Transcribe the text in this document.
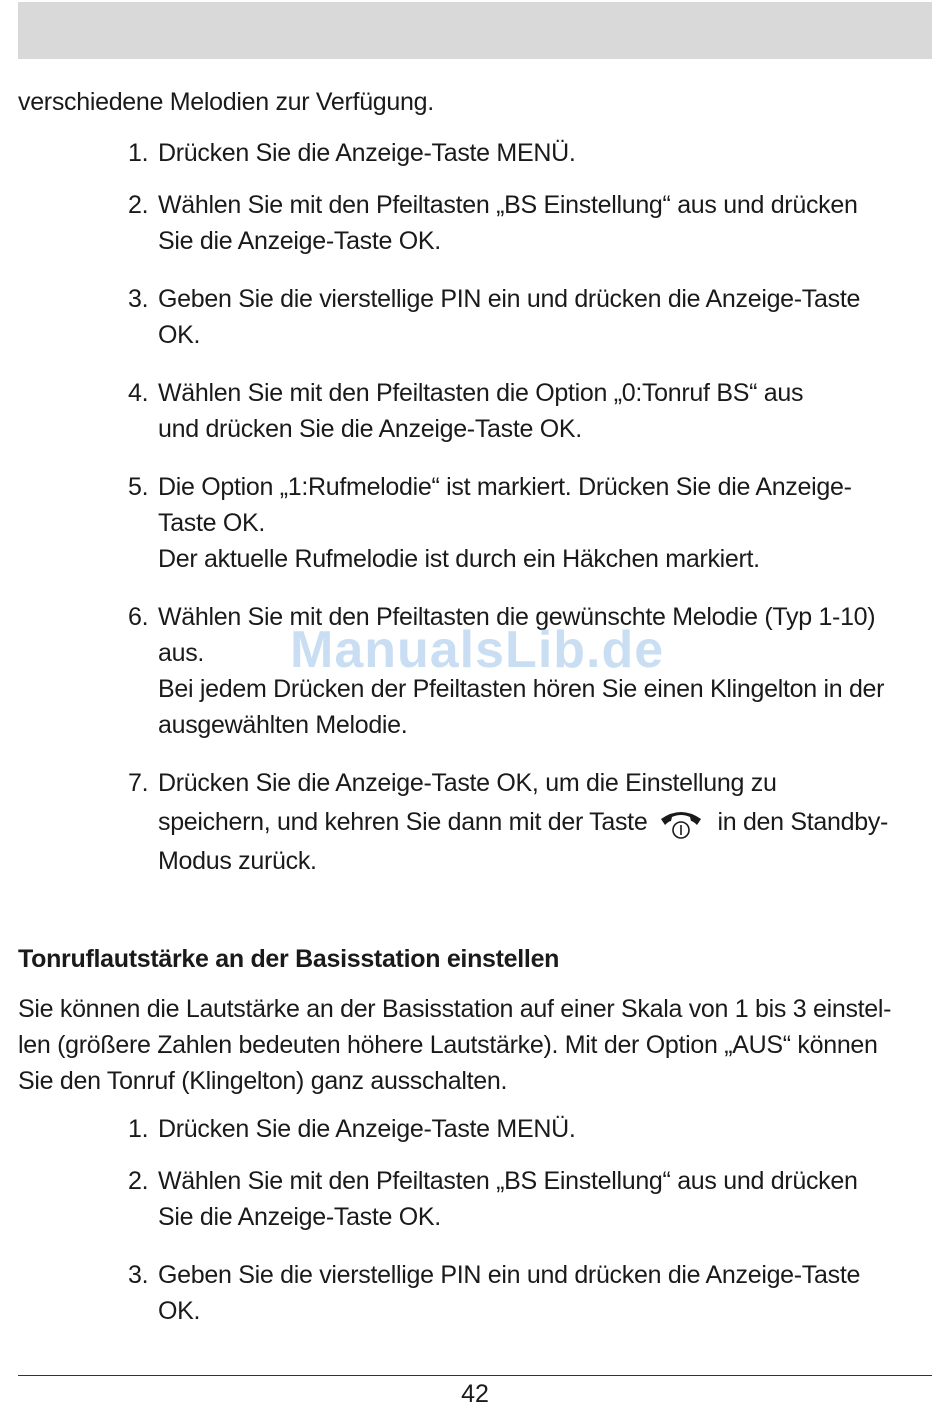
verschiedene Melodien zur Verfügung.
1. Drücken Sie die Anzeige-Taste MENÜ.
2. Wählen Sie mit den Pfeiltasten „BS Einstellung“ aus und drücken
Sie die Anzeige-Taste OK.
3. Geben Sie die vierstellige PIN ein und drücken die Anzeige-Taste
OK.
4. Wählen Sie mit den Pfeiltasten die Option „0:Tonruf BS“ aus
und drücken Sie die Anzeige-Taste OK.
5. Die Option „1:Rufmelodie“ ist markiert. Drücken Sie die Anzeige-
Taste OK.
Der aktuelle Rufmelodie ist durch ein Häkchen markiert.
6. Wählen Sie mit den Pfeiltasten die gewünschte Melodie (Typ 1-10)
aus.
Bei jedem Drücken der Pfeiltasten hören Sie einen Klingelton in der
ausgewählten Melodie.
7. Drücken Sie die Anzeige-Taste OK, um die Einstellung zu
speichern, und kehren Sie dann mit der Taste	in den Standby-
Modus zurück.
Tonruflautstärke an der Basisstation einstellen
Sie können die Lautstärke an der Basisstation auf einer Skala von 1 bis 3 einstel-
len (größere Zahlen bedeuten höhere Lautstärke). Mit der Option „AUS“ können
Sie den Tonruf (Klingelton) ganz ausschalten.
1. Drücken Sie die Anzeige-Taste MENÜ.
2. Wählen Sie mit den Pfeiltasten „BS Einstellung“ aus und drücken
Sie die Anzeige-Taste OK.
3. Geben Sie die vierstellige PIN ein und drücken die Anzeige-Taste
OK.
ManualsLib.de
42
